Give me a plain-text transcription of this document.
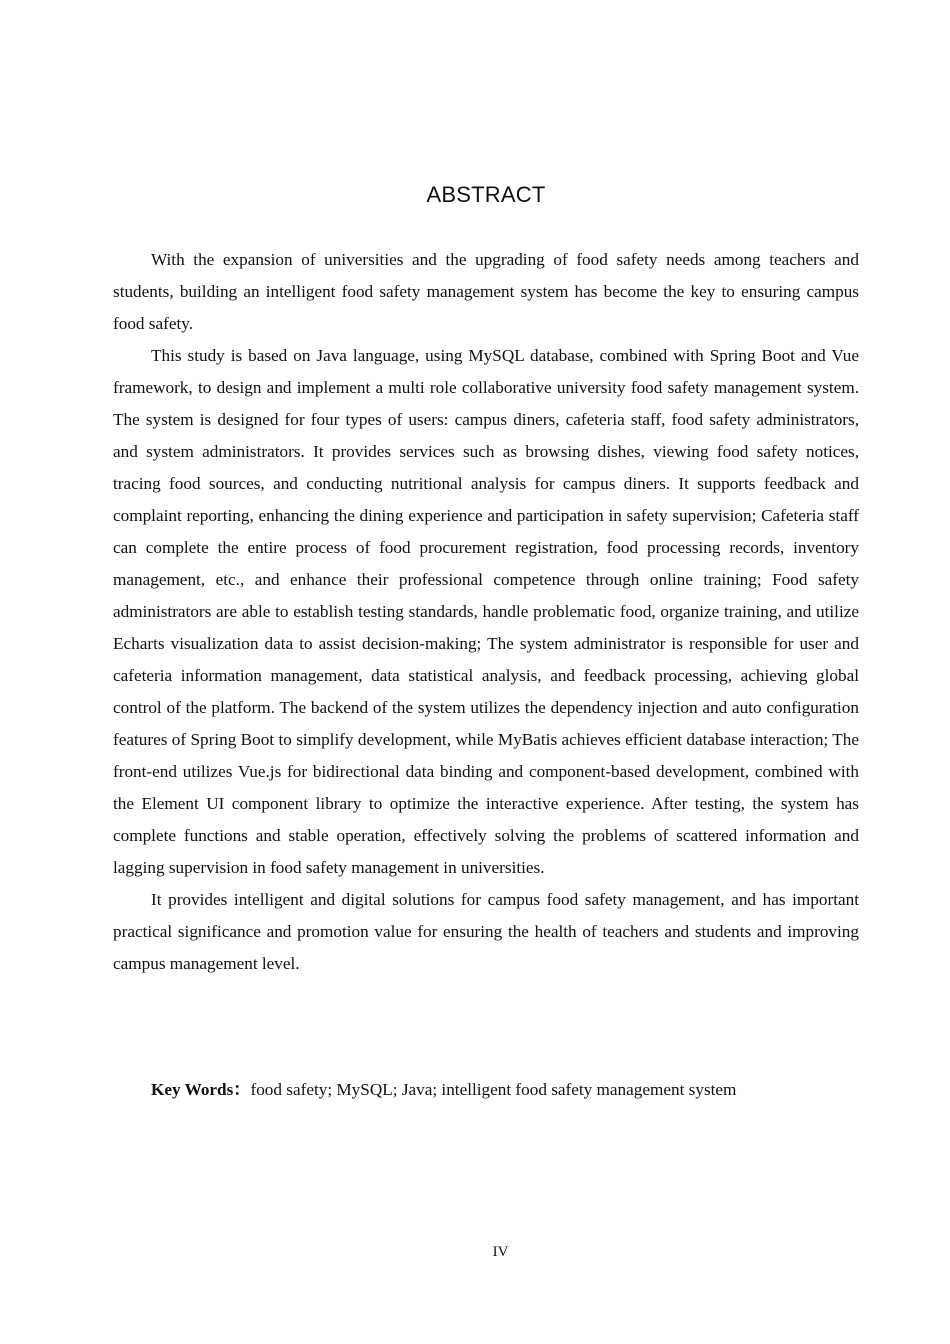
ABSTRACT

With the expansion of universities and the upgrading of food safety needs among teachers and students, building an intelligent food safety management system has become the key to ensuring campus food safety.

This study is based on Java language, using MySQL database, combined with Spring Boot and Vue framework, to design and implement a multi role collaborative university food safety management system. The system is designed for four types of users: campus diners, cafeteria staff, food safety administrators, and system administrators. It provides services such as browsing dishes, viewing food safety notices, tracing food sources, and conducting nutritional analysis for campus diners. It supports feedback and complaint reporting, enhancing the dining experience and participation in safety supervision; Cafeteria staff can complete the entire process of food procurement registration, food processing records, inventory management, etc., and enhance their professional competence through online training; Food safety administrators are able to establish testing standards, handle problematic food, organize training, and utilize Echarts visualization data to assist decision-making; The system administrator is responsible for user and cafeteria information management, data statistical analysis, and feedback processing, achieving global control of the platform. The backend of the system utilizes the dependency injection and auto configuration features of Spring Boot to simplify development, while MyBatis achieves efficient database interaction; The front-end utilizes Vue.js for bidirectional data binding and component-based development, combined with the Element UI component library to optimize the interactive experience. After testing, the system has complete functions and stable operation, effectively solving the problems of scattered information and lagging supervision in food safety management in universities.

It provides intelligent and digital solutions for campus food safety management, and has important practical significance and promotion value for ensuring the health of teachers and students and improving campus management level.

Key Words：food safety; MySQL; Java; intelligent food safety management system
IV
